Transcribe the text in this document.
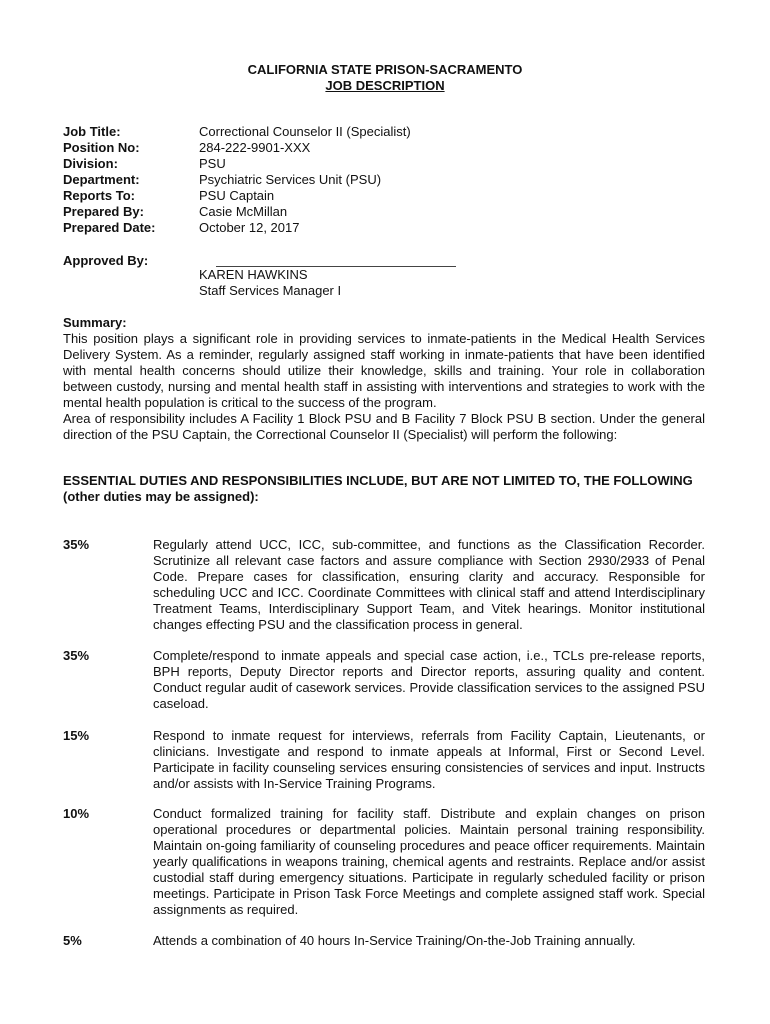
CALIFORNIA STATE PRISON-SACRAMENTO
JOB DESCRIPTION
Job Title:	Correctional Counselor II (Specialist)
Position No:	284-222-9901-XXX
Division:	PSU
Department:	Psychiatric Services Unit (PSU)
Reports To:	PSU Captain
Prepared By:	Casie McMillan
Prepared Date:	October 12, 2017
Approved By:
KAREN HAWKINS
Staff Services Manager I
Summary:
This position plays a significant role in providing services to inmate-patients in the Medical Health Services Delivery System. As a reminder, regularly assigned staff working in inmate-patients that have been identified with mental health concerns should utilize their knowledge, skills and training. Your role in collaboration between custody, nursing and mental health staff in assisting with interventions and strategies to work with the mental health population is critical to the success of the program.
Area of responsibility includes A Facility 1 Block PSU and B Facility 7 Block PSU B section. Under the general direction of the PSU Captain, the Correctional Counselor II (Specialist) will perform the following:
ESSENTIAL DUTIES AND RESPONSIBILITIES INCLUDE, BUT ARE NOT LIMITED TO, THE FOLLOWING (other duties may be assigned):
35%	Regularly attend UCC, ICC, sub-committee, and functions as the Classification Recorder. Scrutinize all relevant case factors and assure compliance with Section 2930/2933 of Penal Code. Prepare cases for classification, ensuring clarity and accuracy. Responsible for scheduling UCC and ICC. Coordinate Committees with clinical staff and attend Interdisciplinary Treatment Teams, Interdisciplinary Support Team, and Vitek hearings. Monitor institutional changes effecting PSU and the classification process in general.
35%	Complete/respond to inmate appeals and special case action, i.e., TCLs pre-release reports, BPH reports, Deputy Director reports and Director reports, assuring quality and content. Conduct regular audit of casework services. Provide classification services to the assigned PSU caseload.
15%	Respond to inmate request for interviews, referrals from Facility Captain, Lieutenants, or clinicians. Investigate and respond to inmate appeals at Informal, First or Second Level. Participate in facility counseling services ensuring consistencies of services and input. Instructs and/or assists with In-Service Training Programs.
10%	Conduct formalized training for facility staff. Distribute and explain changes on prison operational procedures or departmental policies. Maintain personal training responsibility. Maintain on-going familiarity of counseling procedures and peace officer requirements. Maintain yearly qualifications in weapons training, chemical agents and restraints. Replace and/or assist custodial staff during emergency situations. Participate in regularly scheduled facility or prison meetings. Participate in Prison Task Force Meetings and complete assigned staff work. Special assignments as required.
5%	Attends a combination of 40 hours In-Service Training/On-the-Job Training annually.
